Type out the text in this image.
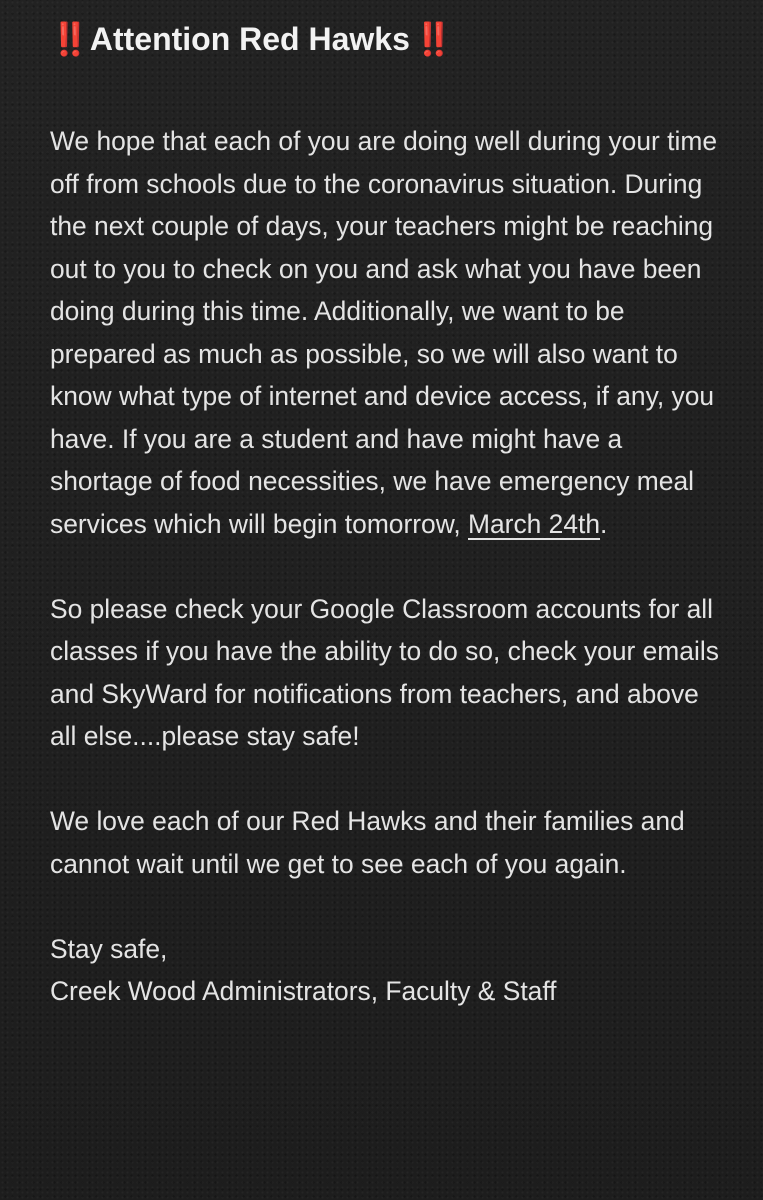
‼️ Attention Red Hawks ‼️

We hope that each of you are doing well during your time off from schools due to the coronavirus situation. During the next couple of days, your teachers might be reaching out to you to check on you and ask what you have been doing during this time. Additionally, we want to be prepared as much as possible, so we will also want to know what type of internet and device access, if any, you have. If you are a student and have might have a shortage of food necessities, we have emergency meal services which will begin tomorrow, March 24th.

So please check your Google Classroom accounts for all classes if you have the ability to do so, check your emails and SkyWard for notifications from teachers, and above all else....please stay safe!

We love each of our Red Hawks and their families and cannot wait until we get to see each of you again.

Stay safe,
Creek Wood Administrators, Faculty & Staff
